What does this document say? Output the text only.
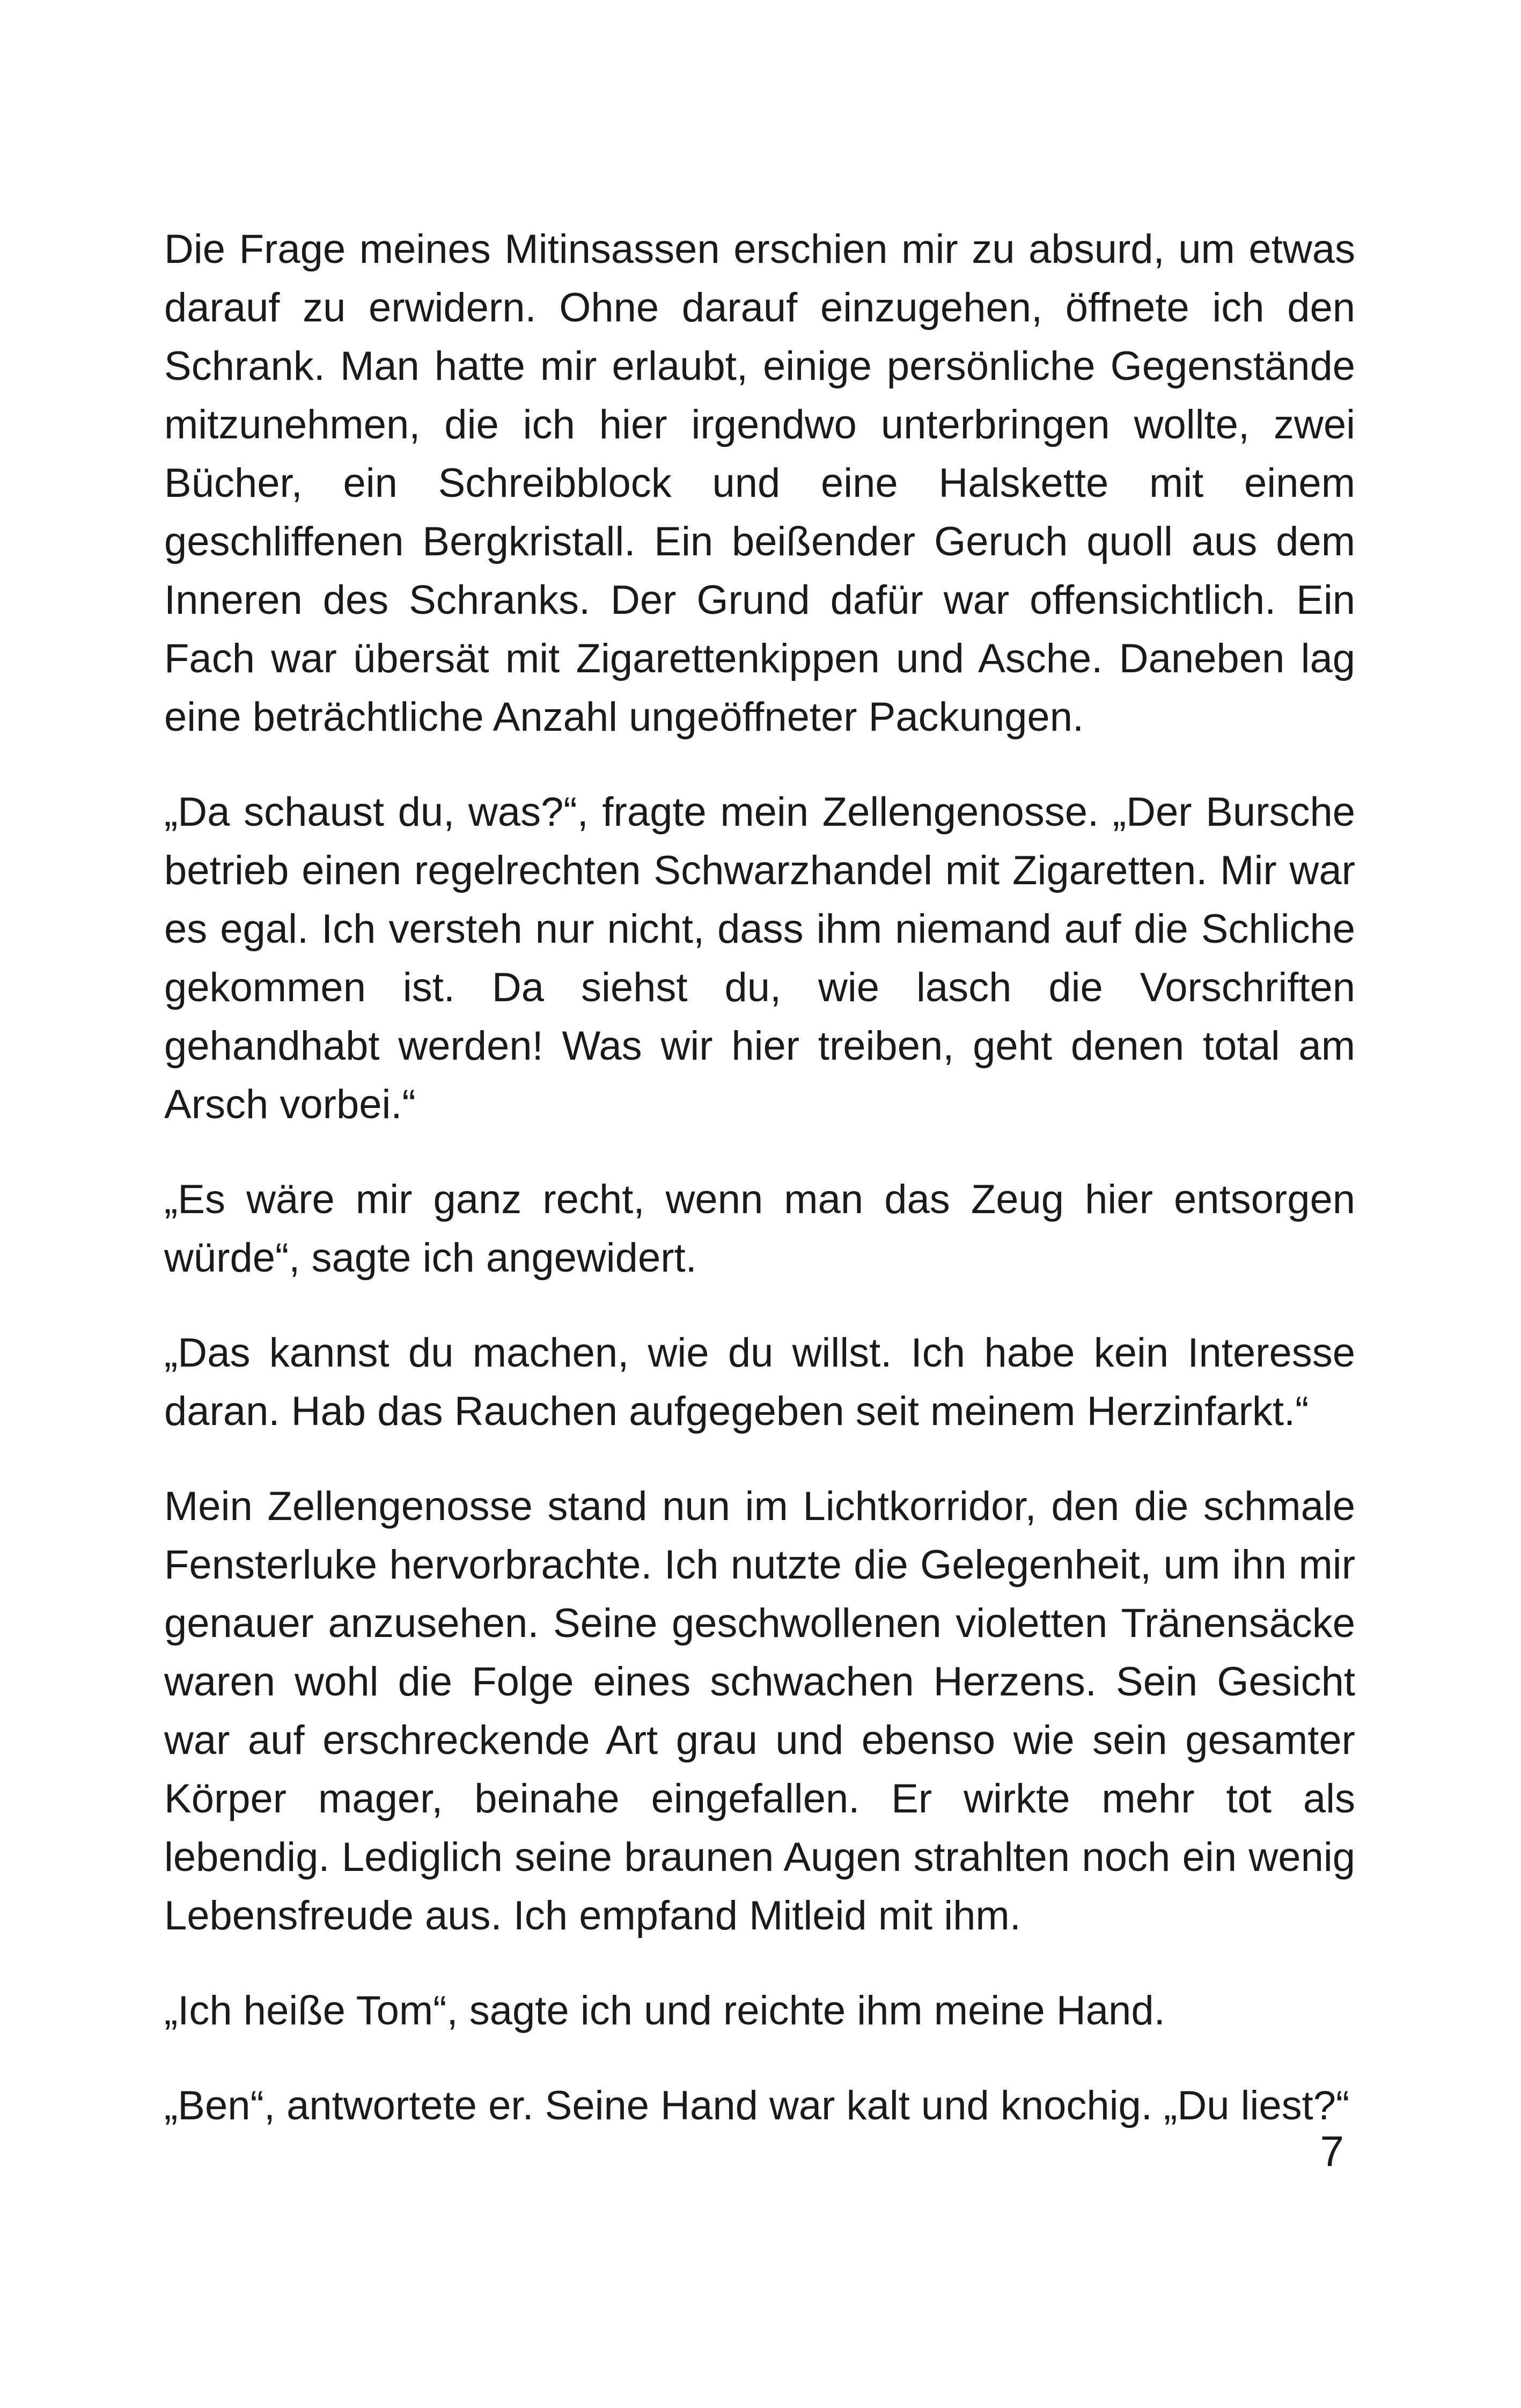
Die Frage meines Mitinsassen erschien mir zu absurd, um etwas darauf zu erwidern. Ohne darauf einzugehen, öffnete ich den Schrank. Man hatte mir erlaubt, einige persönliche Gegenstände mitzunehmen, die ich hier irgendwo unterbringen wollte, zwei Bücher, ein Schreibblock und eine Halskette mit einem geschliffenen Bergkristall. Ein beißender Geruch quoll aus dem Inneren des Schranks. Der Grund dafür war offensichtlich. Ein Fach war übersät mit Zigarettenkippen und Asche. Daneben lag eine beträchtliche Anzahl ungeöffneter Packungen.

„Da schaust du, was?“, fragte mein Zellengenosse. „Der Bursche betrieb einen regelrechten Schwarzhandel mit Zigaretten. Mir war es egal. Ich versteh nur nicht, dass ihm niemand auf die Schliche gekommen ist. Da siehst du, wie lasch die Vorschriften gehandhabt werden! Was wir hier treiben, geht denen total am Arsch vorbei.“

„Es wäre mir ganz recht, wenn man das Zeug hier entsorgen würde“, sagte ich angewidert.

„Das kannst du machen, wie du willst. Ich habe kein Interesse daran. Hab das Rauchen aufgegeben seit meinem Herzinfarkt.“

Mein Zellengenosse stand nun im Lichtkorridor, den die schmale Fensterluke hervorbrachte. Ich nutzte die Gelegenheit, um ihn mir genauer anzusehen. Seine geschwollenen violetten Tränensäcke waren wohl die Folge eines schwachen Herzens. Sein Gesicht war auf erschreckende Art grau und ebenso wie sein gesamter Körper mager, beinahe eingefallen. Er wirkte mehr tot als lebendig. Lediglich seine braunen Augen strahlten noch ein wenig Lebensfreude aus. Ich empfand Mitleid mit ihm.

„Ich heiße Tom“, sagte ich und reichte ihm meine Hand.

„Ben“, antwortete er. Seine Hand war kalt und knochig. „Du liest?“

7
